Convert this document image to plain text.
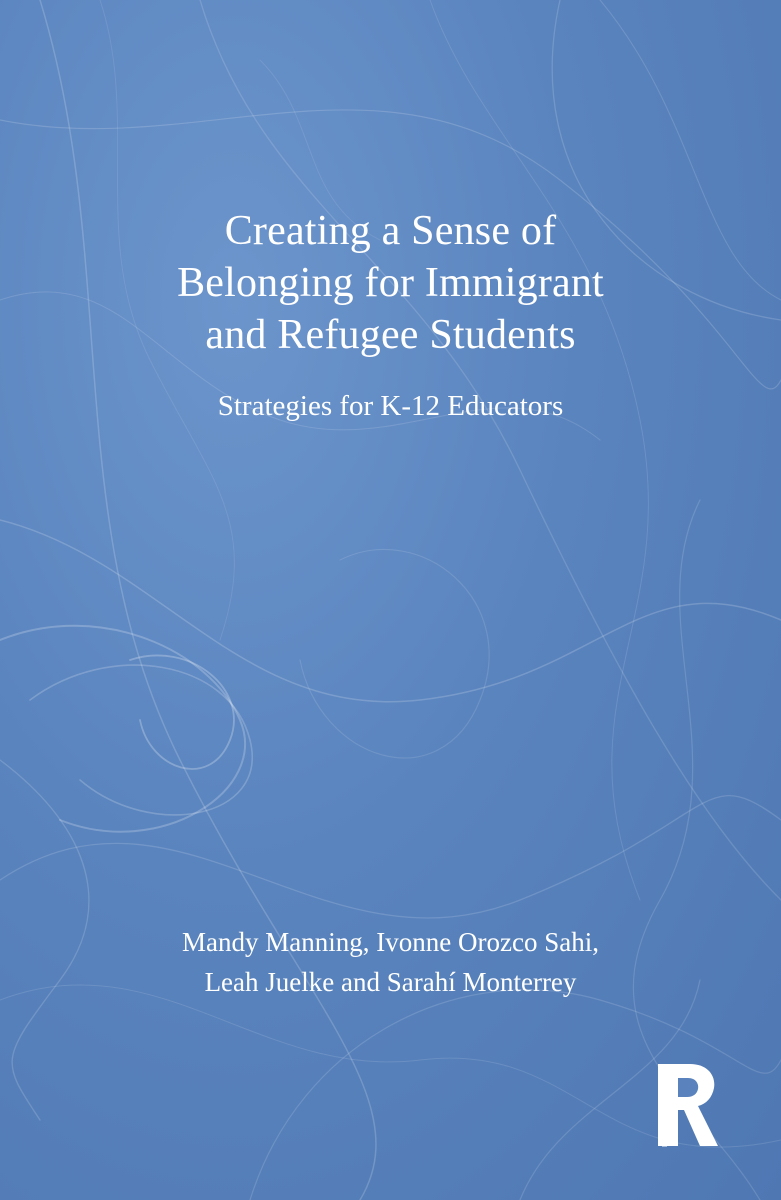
Creating a Sense of
Belonging for Immigrant
and Refugee Students
Strategies for K-12 Educators
Mandy Manning, Ivonne Orozco Sahi,
Leah Juelke and Sarahí Monterrey
ROUTLEDGE
